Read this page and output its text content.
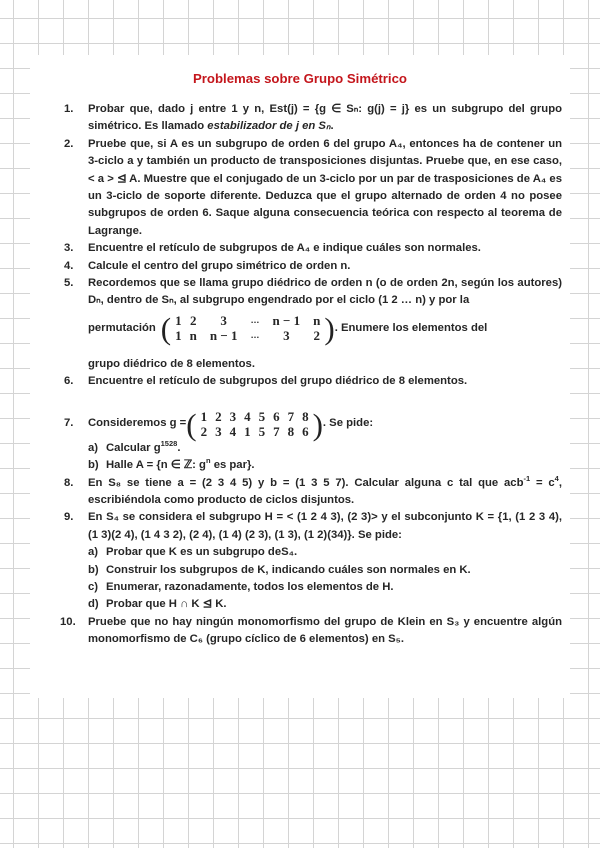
Problemas sobre Grupo Simétrico
1. Probar que, dado j entre 1 y n, Est(j) = {g ∈ Sₙ: g(j) = j} es un subgrupo del grupo simétrico. Es llamado estabilizador de j en Sₙ.
2. Pruebe que, si A es un subgrupo de orden 6 del grupo A₄, entonces ha de contener un 3-ciclo a y también un producto de transposiciones disjuntas. Pruebe que, en ese caso, < a > ⊴ A. Muestre que el conjugado de un 3-ciclo por un par de trasposiciones de A₄ es un 3-ciclo de soporte diferente. Deduzca que el grupo alternado de orden 4 no posee subgrupos de orden 6. Saque alguna consecuencia teórica con respecto al teorema de Lagrange.
3. Encuentre el retículo de subgrupos de A₄ e indique cuáles son normales.
4. Calcule el centro del grupo simétrico de orden n.
5. Recordemos que se llama grupo diédrico de orden n (o de orden 2n, según los autores) Dₙ, dentro de Sₙ, al subgrupo engendrado por el ciclo (1 2 … n) y por la
permutación ( 1
1
2
n
3
n − 1
…
…
n − 1
3
n
2 ) . Enumere los elementos del
grupo diédrico de 8 elementos.
6. Encuentre el retículo de subgrupos del grupo diédrico de 8 elementos.
7. Consideremos g = ( 1
2
2
3
3
4
4
1
5
5
6
7
7
8
8
6 ) . Se pide:
a) Calcular $g^{1528}$.
b) Halle A = {n ∈ ℤ: $g^n$ es par}.
8. En S₈ se tiene a = (2 3 4 5) y b = (1 3 5 7). Calcular alguna c tal que $acb^{-1} = c^4$, escribiéndola como producto de ciclos disjuntos.
9. En S₄ se considera el subgrupo H = < (1 2 4 3), (2 3)> y el subconjunto K = {1, (1 2 3 4), (1 3)(2 4), (1 4 3 2), (2 4), (1 4) (2 3), (1 3), (1 2)(34)}. Se pide:
a) Probar que K es un subgrupo deS₄.
b) Construir los subgrupos de K, indicando cuáles son normales en K.
c) Enumerar, razonadamente, todos los elementos de H.
d) Probar que H ∩ K ⊴ K.
10. Pruebe que no hay ningún monomorfismo del grupo de Klein en S₃ y encuentre algún monomorfismo de C₆ (grupo cíclico de 6 elementos) en S₅.
